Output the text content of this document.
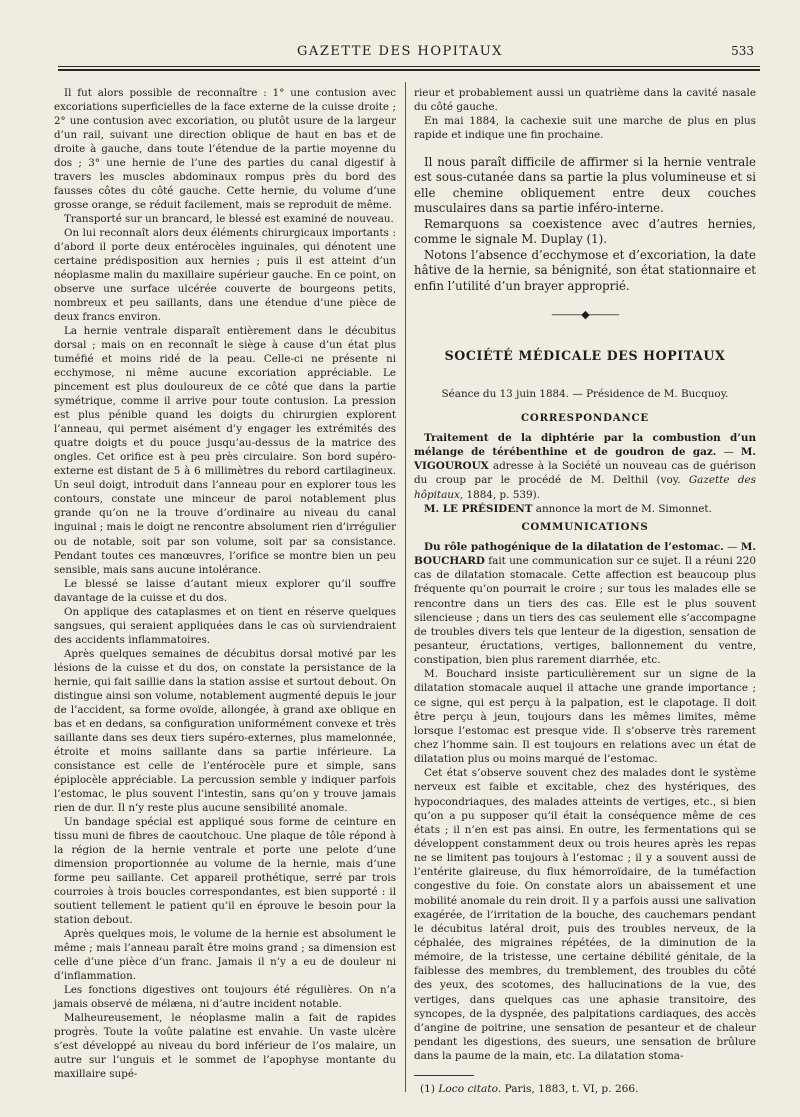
GAZETTE DES HOPITAUX	533

Il fut alors possible de reconnaître : 1° une contusion avec excoriations superficielles de la face externe de la cuisse droite ; 2° une contusion avec excoriation, ou plutôt usure de la largeur d’un rail, suivant une direction oblique de haut en bas et de droite à gauche, dans toute l’étendue de la partie moyenne du dos ; 3° une hernie de l’une des parties du canal digestif à travers les muscles abdominaux rompus près du bord des fausses côtes du côté gauche. Cette hernie, du volume d’une grosse orange, se réduit facilement, mais se reproduit de même.

Transporté sur un brancard, le blessé est examiné de nouveau.

On lui reconnaît alors deux éléments chirurgicaux importants : d’abord il porte deux entérocèles inguinales, qui dénotent une certaine prédisposition aux hernies ; puis il est atteint d’un néoplasme malin du maxillaire supérieur gauche. En ce point, on observe une surface ulcérée couverte de bourgeons petits, nombreux et peu saillants, dans une étendue d’une pièce de deux francs environ.

La hernie ventrale disparaît entièrement dans le décubitus dorsal ; mais on en reconnaît le siège à cause d’un état plus tuméfié et moins ridé de la peau. Celle-ci ne présente ni ecchymose, ni même aucune excoriation appréciable. Le pincement est plus douloureux de ce côté que dans la partie symétrique, comme il arrive pour toute contusion. La pression est plus pénible quand les doigts du chirurgien explorent l’anneau, qui permet aisément d’y engager les extrémités des quatre doigts et du pouce jusqu’au-dessus de la matrice des ongles. Cet orifice est à peu près circulaire. Son bord supéro-externe est distant de 5 à 6 millimètres du rebord cartilagineux. Un seul doigt, introduit dans l’anneau pour en explorer tous les contours, constate une minceur de paroi notablement plus grande qu’on ne la trouve d’ordinaire au niveau du canal inguinal ; mais le doigt ne rencontre absolument rien d’irrégulier ou de notable, soit par son volume, soit par sa consistance. Pendant toutes ces manœuvres, l’orifice se montre bien un peu sensible, mais sans aucune intolérance.

Le blessé se laisse d’autant mieux explorer qu’il souffre davantage de la cuisse et du dos.

On applique des cataplasmes et on tient en réserve quelques sangsues, qui seraient appliquées dans le cas où surviendraient des accidents inflammatoires.

Après quelques semaines de décubitus dorsal motivé par les lésions de la cuisse et du dos, on constate la persistance de la hernie, qui fait saillie dans la station assise et surtout debout. On distingue ainsi son volume, notablement augmenté depuis le jour de l’accident, sa forme ovoïde, allongée, à grand axe oblique en bas et en dedans, sa configuration uniformément convexe et très saillante dans ses deux tiers supéro-externes, plus mamelonnée, étroite et moins saillante dans sa partie inférieure. La consistance est celle de l’entérocèle pure et simple, sans épiplocèle appréciable. La percussion semble y indiquer parfois l’estomac, le plus souvent l’intestin, sans qu’on y trouve jamais rien de dur. Il n’y reste plus aucune sensibilité anomale.

Un bandage spécial est appliqué sous forme de ceinture en tissu muni de fibres de caoutchouc. Une plaque de tôle répond à la région de la hernie ventrale et porte une pelote d’une dimension proportionnée au volume de la hernie, mais d’une forme peu saillante. Cet appareil prothétique, serré par trois courroies à trois boucles correspondantes, est bien supporté : il soutient tellement le patient qu’il en éprouve le besoin pour la station debout.

Après quelques mois, le volume de la hernie est absolument le même ; mais l’anneau paraît être moins grand ; sa dimension est celle d’une pièce d’un franc. Jamais il n’y a eu de douleur ni d’inflammation.

Les fonctions digestives ont toujours été régulières. On n’a jamais observé de mélæna, ni d’autre incident notable.

Malheureusement, le néoplasme malin a fait de rapides progrès. Toute la voûte palatine est envahie. Un vaste ulcère s’est développé au niveau du bord inférieur de l’os malaire, un autre sur l’unguis et le sommet de l’apophyse montante du maxillaire supé-

rieur et probablement aussi un quatrième dans la cavité nasale du côté gauche.

En mai 1884, la cachexie suit une marche de plus en plus rapide et indique une fin prochaine.

Il nous paraît difficile de affirmer si la hernie ventrale est sous-cutanée dans sa partie la plus volumineuse et si elle chemine obliquement entre deux couches musculaires dans sa partie inféro-interne.

Remarquons sa coexistence avec d’autres hernies, comme le signale M. Duplay (1).

Notons l’absence d’ecchymose et d’excoriation, la date hâtive de la hernie, sa bénignité, son état stationnaire et enfin l’utilité d’un brayer approprié.

———◆———

SOCIÉTÉ MÉDICALE DES HOPITAUX

Séance du 13 juin 1884. — Présidence de M. Bucquoy.

CORRESPONDANCE

Traitement de la diphtérie par la combustion d’un mélange de térébenthine et de goudron de gaz. — M. VIGOUROUX adresse à la Société un nouveau cas de guérison du croup par le procédé de M. Delthil (voy. Gazette des hôpitaux, 1884, p. 539).

M. LE PRÉSIDENT annonce la mort de M. Simonnet.

COMMUNICATIONS

Du rôle pathogénique de la dilatation de l’estomac. — M. BOUCHARD fait une communication sur ce sujet. Il a réuni 220 cas de dilatation stomacale. Cette affection est beaucoup plus fréquente qu’on pourrait le croire ; sur tous les malades elle se rencontre dans un tiers des cas. Elle est le plus souvent silencieuse ; dans un tiers des cas seulement elle s’accompagne de troubles divers tels que lenteur de la digestion, sensation de pesanteur, éructations, vertiges, ballonnement du ventre, constipation, bien plus rarement diarrhée, etc.

M. Bouchard insiste particulièrement sur un signe de la dilatation stomacale auquel il attache une grande importance ; ce signe, qui est perçu à la palpation, est le clapotage. Il doit être perçu à jeun, toujours dans les mêmes limites, même lorsque l’estomac est presque vide. Il s’observe très rarement chez l’homme sain. Il est toujours en relations avec un état de dilatation plus ou moins marqué de l’estomac.

Cet état s’observe souvent chez des malades dont le système nerveux est faible et excitable, chez des hystériques, des hypocondriaques, des malades atteints de vertiges, etc., si bien qu’on a pu supposer qu’il était la conséquence même de ces états ; il n’en est pas ainsi. En outre, les fermentations qui se développent constamment deux ou trois heures après les repas ne se limitent pas toujours à l’estomac ; il y a souvent aussi de l’entérite glaireuse, du flux hémorroïdaire, de la tuméfaction congestive du foie. On constate alors un abaissement et une mobilité anomale du rein droit. Il y a parfois aussi une salivation exagérée, de l’irritation de la bouche, des cauchemars pendant le décubitus latéral droit, puis des troubles nerveux, de la céphalée, des migraines répétées, de la diminution de la mémoire, de la tristesse, une certaine débilité génitale, de la faiblesse des membres, du tremblement, des troubles du côté des yeux, des scotomes, des hallucinations de la vue, des vertiges, dans quelques cas une aphasie transitoire, des syncopes, de la dyspnée, des palpitations cardiaques, des accès d’angine de poitrine, une sensation de pesanteur et de chaleur pendant les digestions, des sueurs, une sensation de brûlure dans la paume de la main, etc. La dilatation stoma-

(1) Loco citato. Paris, 1883, t. VI, p. 266.
